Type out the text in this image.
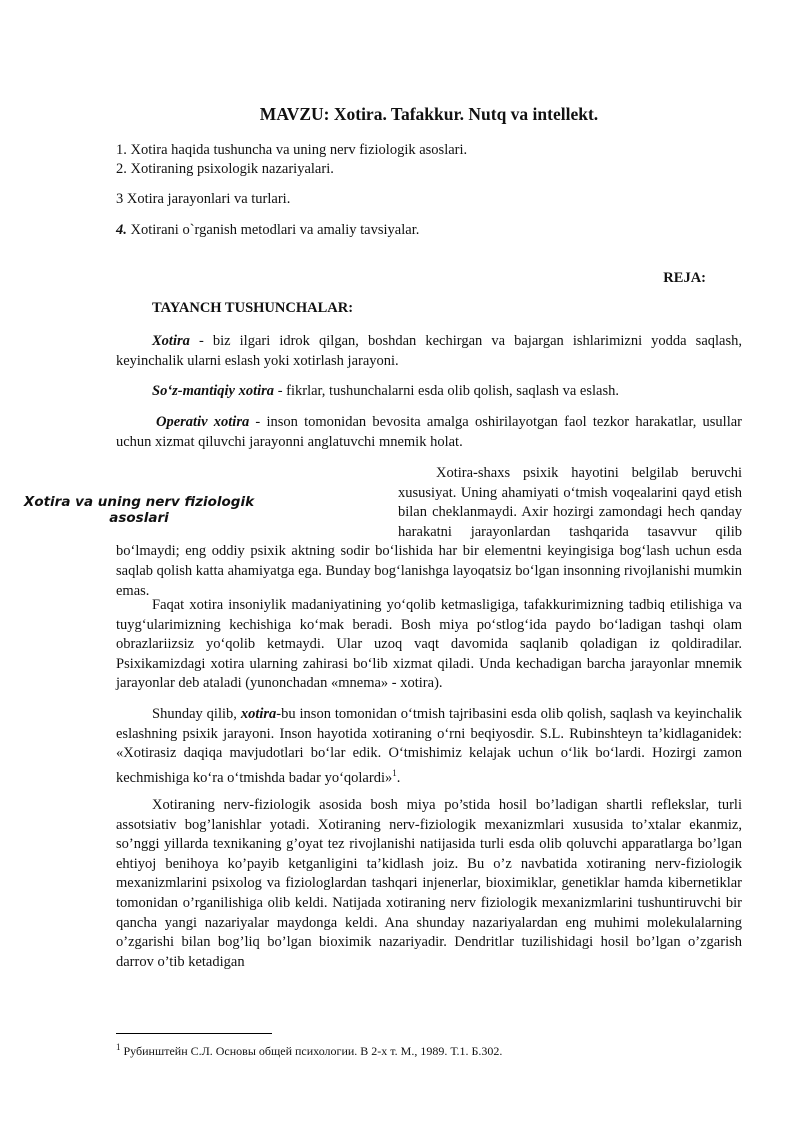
MAVZU: Xotira. Tafakkur. Nutq va intellekt.
1. Xotira haqida tushuncha va uning nerv fiziologik asoslari.
2. Xotiraning psixologik nazariyalari.
3 Xotira jarayonlari va turlari.
4. Xotirani o`rganish metodlari va amaliy tavsiyalar.
REJA:
TAYANCH TUSHUNCHALAR:
Xotira - biz ilgari idrok qilgan, boshdan kechirgan va bajargan ishlarimizni yodda saqlash, keyinchalik ularni eslash yoki xotirlash jarayoni.
So‘z-mantiqiy xotira - fikrlar, tushunchalarni esda olib qolish, saqlash va eslash.
Operativ xotira - inson tomonidan bevosita amalga oshirilayotgan faol tezkor harakatlar, usullar uchun xizmat qiluvchi jarayonni anglatuvchi mnemik holat.
Xotira-shaxs psixik hayotini belgilab beruvchi xususiyat. Uning ahamiyati o‘tmish voqealarini qayd etish bilan cheklanmaydi. Axir hozirgi zamondagi hech qanday harakatni jarayonlardan tashqarida tasavvur qilib bo‘lmaydi; eng oddiy psixik aktning sodir bo‘lishida har bir elementni keyingisiga bog‘lash uchun esda saqlab qolish katta ahamiyatga ega. Bunday bog‘lanishga layoqatsiz bo‘lgan insonning rivojlanishi mumkin emas.
Faqat xotira insoniylik madaniyatining yo‘qolib ketmasligiga, tafakkurimizning tadbiq etilishiga va tuyg‘ularimizning kechishiga ko‘mak beradi. Bosh miya po‘stlog‘ida paydo bo‘ladigan tashqi olam obrazlariizsiz yo‘qolib ketmaydi. Ular uzoq vaqt davomida saqlanib qoladigan iz qoldiradilar. Psixikamizdagi xotira ularning zahirasi bo‘lib xizmat qiladi. Unda kechadigan barcha jarayonlar mnemik jarayonlar deb ataladi (yunonchadan «mnema» - xotira).
Shunday qilib, xotira-bu inson tomonidan o‘tmish tajribasini esda olib qolish, saqlash va keyinchalik eslashning psixik jarayoni. Inson hayotida xotiraning o‘rni beqiyosdir. S.L. Rubinshteyn ta’kidlaganidek: «Xotirasiz daqiqa mavjudotlari bo‘lar edik. O‘tmishimiz kelajak uchun o‘lik bo‘lardi. Hozirgi zamon kechmishiga ko‘ra o‘tmishda badar yo‘qolardi»$^1$.
Xotiraning nerv-fiziologik asosida bosh miya po’stida hosil bo’ladigan shartli reflekslar, turli assotsiativ bog’lanishlar yotadi. Xotiraning nerv-fiziologik mexanizmlari xususida to’xtalar ekanmiz, so’nggi yillarda texnikaning g’oyat tez rivojlanishi natijasida turli esda olib qoluvchi apparatlarga bo’lgan ehtiyoj benihoya ko’payib ketganligini ta’kidlash joiz. Bu o’z navbatida xotiraning nerv-fiziologik mexanizmlarini psixolog va fiziologlardan tashqari injenerlar, bioximiklar, genetiklar hamda kibernetiklar tomonidan o’rganilishiga olib keldi. Natijada xotiraning nerv fiziologik mexanizmlarini tushuntiruvchi bir qancha yangi nazariyalar maydonga keldi. Ana shunday nazariyalardan eng muhimi molekulalarning o’zgarishi bilan bog’liq bo’lgan bioximik nazariyadir. Dendritlar tuzilishidagi hosil bo’lgan o’zgarish darrov o’tib ketadigan
Xotira va uning nerv fiziologik asoslari
$^1$ Рубинштейн С.Л. Основы общей психологии. В 2-х т. М., 1989. Т.1. Б.302.
